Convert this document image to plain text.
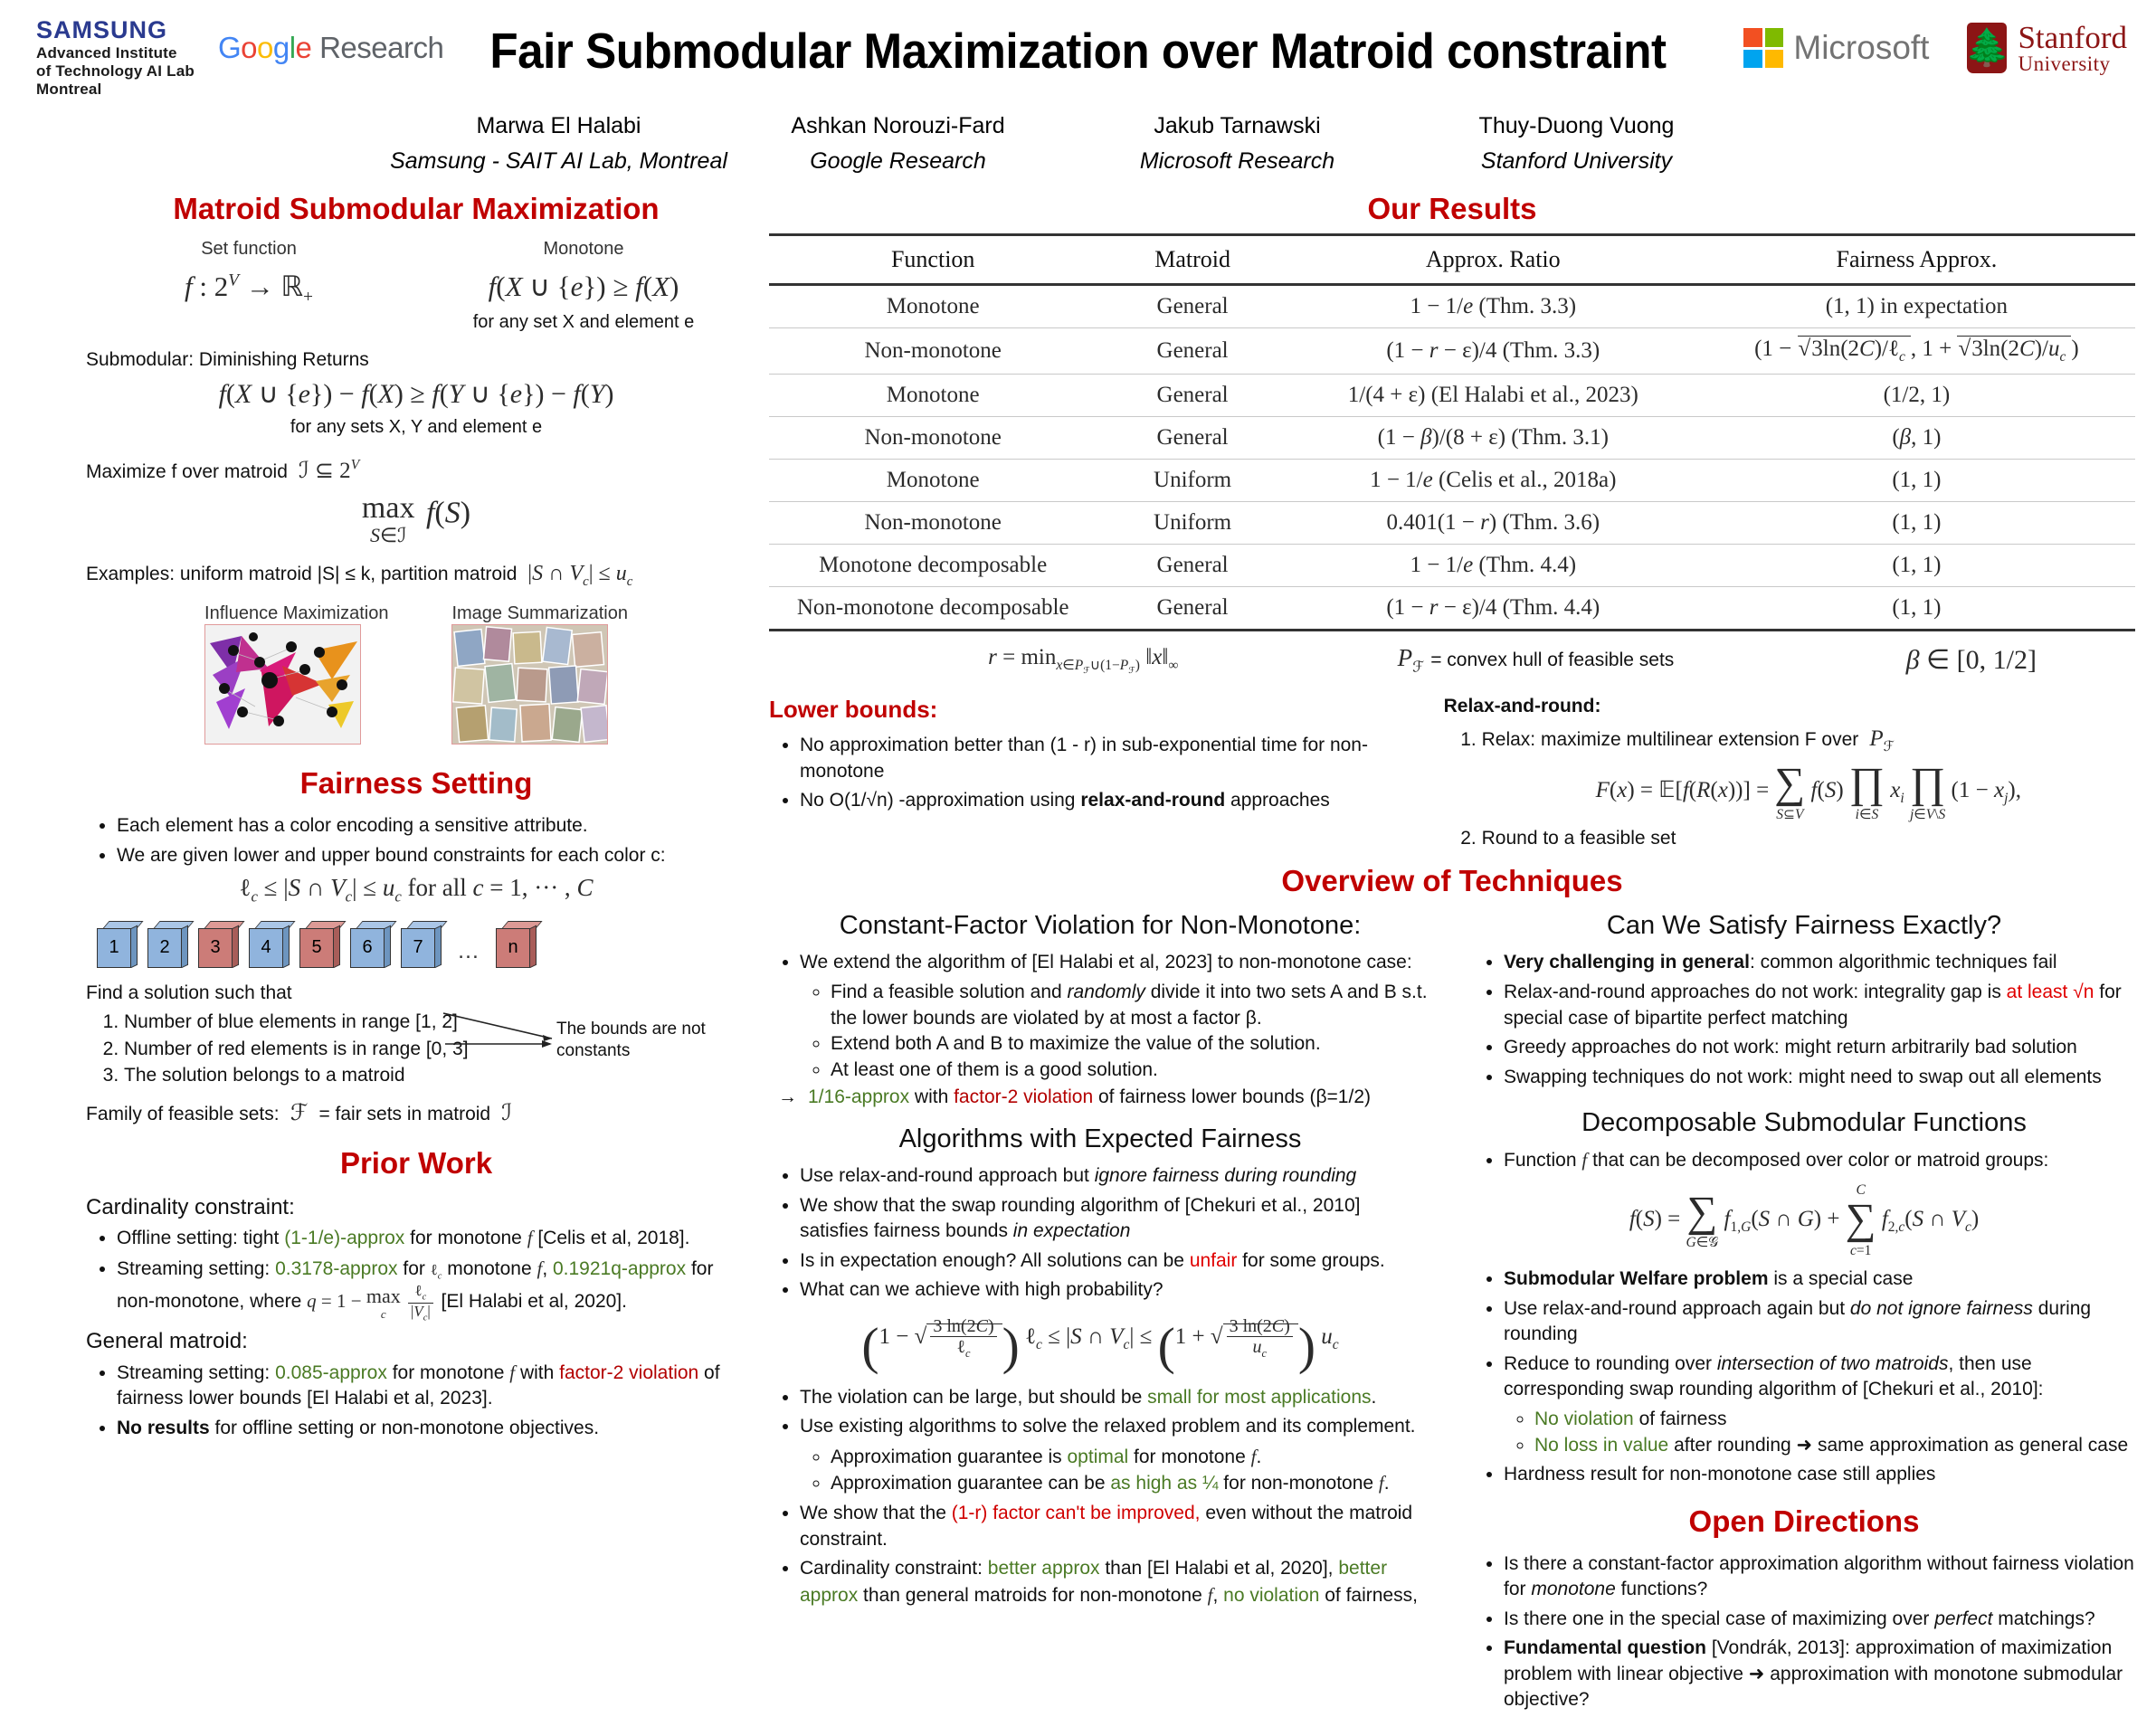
SAMSUNG
Advanced Institute
of Technology AI Lab
Montreal
Google Research Fair Submodular Maximization over Matroid constraint	Microsoft 🌲 Stanford
University
Marwa El Halabi
Samsung - SAIT AI Lab, Montreal
Ashkan Norouzi-Fard
Google Research
Jakub Tarnawski
Microsoft Research
Thuy-Duong Vuong
Stanford University
Matroid Submodular Maximization
Set function
f : $2^V$ → ℝ$_+$
Monotone
f(X ∪ {e}) ≥ f(X)
for any set X and element e

Submodular: Diminishing Returns

f(X ∪ {e}) − f(X) ≥ f(Y ∪ {e}) − f(Y)
for any sets X, Y and element e

Maximize f over matroid  ℐ ⊆ $2^V$

max
S∈ℐ
f(S)

Examples: uniform matroid |S| ≤ k, partition matroid  |S ∩ $V_c| \le u_c$

Influence Maximization	Image Summarization
Fairness Setting
• Each element has a color encoding a sensitive attribute.
• We are given lower and upper bound constraints for each color c:
ℓ$_c$ ≤ |S ∩ $V_c| \le u_c$ for all c = 1, ··· , C
1	2	3	4	5	6	7	…	n

Find a solution such that

1. Number of blue elements in range [1, 2]
2. Number of red elements is in range [0, 3]
3. The solution belongs to a matroid
The bounds are not constants

Family of feasible sets:  ℱ  = fair sets in matroid  ℐ

Prior Work

Cardinality constraint:

• Offline setting: tight (1-1/e)-approx for monotone f [Celis et al, 2018].
• Streaming setting: 0.3178-approx for ℓ$_c$ monotone f, 0.1921q-approx for non-monotone, where q = 1 − max
c
	$\frac{\ell_c}{|V_c|} [El$ Halabi et al, 2020].

General matroid:

• Streaming setting: 0.085-approx for monotone f with factor-2 violation of fairness lower bounds [El Halabi et al, 2023].
• No results for offline setting or non-monotone objectives.
Our Results
Function	Matroid	Approx. Ratio	Fairness Approx.
Monotone	General	1 − 1/e (Thm. 3.3)	(1, 1) in expectation
Non-monotone	General	(1 − r − ε)/4 (Thm. 3.3)	(1 − √3ln(2C)/ℓ$_c$ , $1 + √3\ln(2C)/u_c$ )
Monotone	General	1/(4 + ε) (El Halabi et al., 2023)	(1/2, 1)
Non-monotone	General	(1 − β)/(8 + ε) (Thm. 3.1)	(β, 1)
Monotone	Uniform	1 − 1/e (Celis et al., 2018a)	(1, 1)
Non-monotone	Uniform	0.401(1 − r) (Thm. 3.6)	(1, 1)
Monotone decomposable	General	1 − 1/e (Thm. 4.4)	(1, 1)
Non-monotone decomposable	General	(1 − r − ε)/4 (Thm. 4.4)	(1, 1)
$r = \min_{x\in P_ℱ\cup(1-P_ℱ)}$ $‖x‖_\infty$	$P_ℱ$ = convex hull of feasible sets	β ∈ [0, 1/2]
Lower bounds:
• No approximation better than (1 - r) in sub-exponential time for non-monotone
• No O(1/√n) -approximation using relax-and-round approaches
Relax-and-round:
1. Relax: maximize multilinear extension F over $P_ℱ$
F(x) = 𝔼[f(R(x))] = ∑
S⊆V
f(S) ∏
i∈S
$x_i$ ∏
j∈V\S
$(1 - x_j)$,
2. Round to a feasible set
Overview of Techniques
Constant-Factor Violation for Non-Monotone:
• We extend the algorithm of [El Halabi et al, 2023] to non-monotone case:
◦ Find a feasible solution and randomly divide it into two sets A and B s.t. the lower bounds are violated by at most a factor β.
◦ Extend both A and B to maximize the value of the solution.
◦ At least one of them is a good solution.
→ 1/16-approx with factor-2 violation of fairness lower bounds (β=1/2)
Algorithms with Expected Fairness
• Use relax-and-round approach but ignore fairness during rounding
• We show that the swap rounding algorithm of [Chekuri et al., 2010] satisfies fairness bounds in expectation
• Is in expectation enough? All solutions can be unfair for some groups.
• What can we achieve with high probability?
(1 − √ $\frac{3 \ln(2C)}{\ell_c}$ ) ℓ$_c$ ≤ |S ∩ $V_c| \le (1$ + √ $\frac{3 \ln(2C)}{u_c}$ ) $u_c$
• The violation can be large, but should be small for most applications.
• Use existing algorithms to solve the relaxed problem and its complement.
◦ Approximation guarantee is optimal for monotone f.
◦ Approximation guarantee can be as high as ¼ for non-monotone f.
• We show that the (1-r) factor can't be improved, even without the matroid constraint.
• Cardinality constraint: better approx than [El Halabi et al, 2020], better approx than general matroids for non-monotone f, no violation of fairness,
Can We Satisfy Fairness Exactly?
• Very challenging in general: common algorithmic techniques fail
• Relax-and-round approaches do not work: integrality gap is at least √n for special case of bipartite perfect matching
• Greedy approaches do not work: might return arbitrarily bad solution
• Swapping techniques do not work: might need to swap out all elements
Decomposable Submodular Functions
• Function f that can be decomposed over color or matroid groups:
f(S) = ∑
G∈𝒢
$f_{1,G}(S$ ∩ G) +
C
∑
c=1
$f_{2,c}(S$ ∩ $V_c$)
• Submodular Welfare problem is a special case
• Use relax-and-round approach again but do not ignore fairness during rounding
• Reduce to rounding over intersection of two matroids, then use corresponding swap rounding algorithm of [Chekuri et al., 2010]:
◦ No violation of fairness
◦ No loss in value after rounding ➜ same approximation as general case
• Hardness result for non-monotone case still applies
Open Directions
• Is there a constant-factor approximation algorithm without fairness violation for monotone functions?
• Is there one in the special case of maximizing over perfect matchings?
• Fundamental question [Vondrák, 2013]: approximation of maximization problem with linear objective ➜ approximation with monotone submodular objective?
